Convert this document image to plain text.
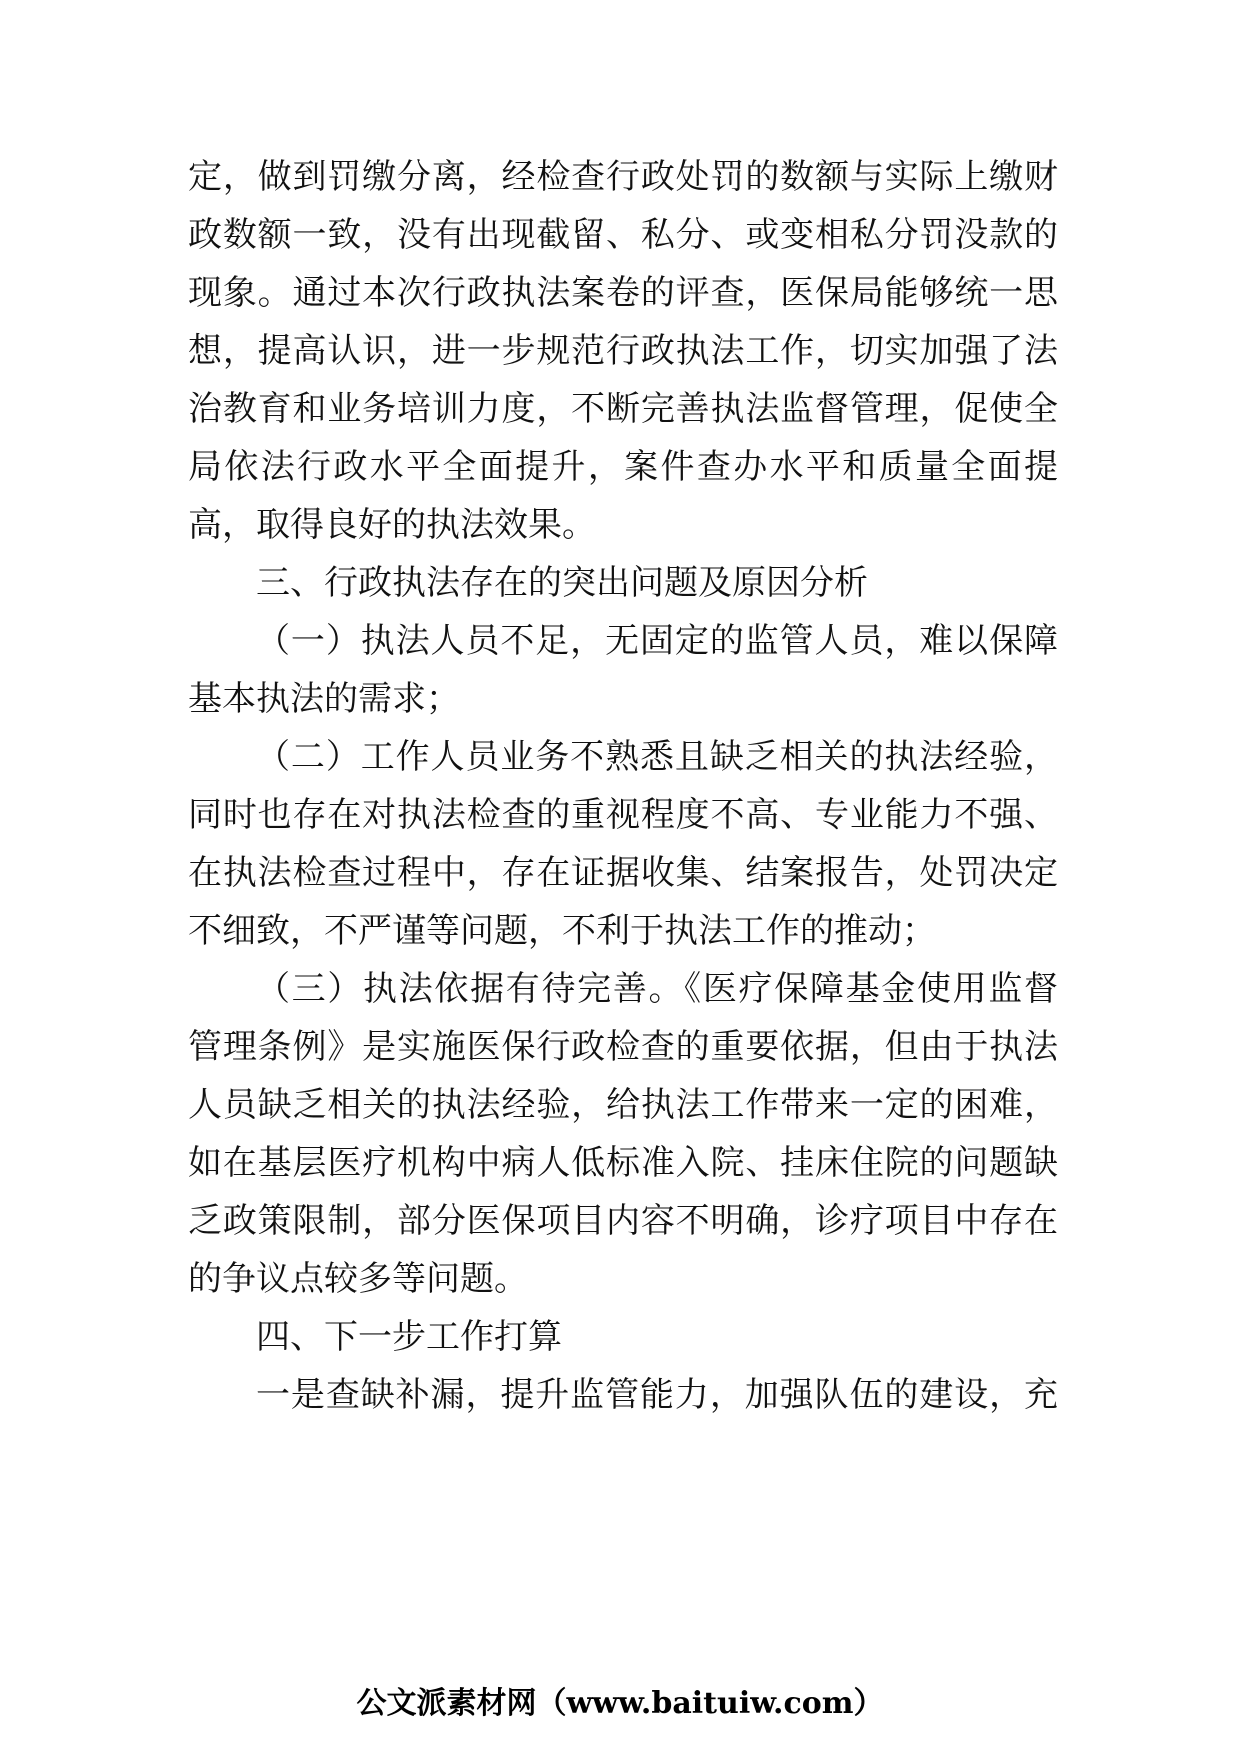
定，做到罚缴分离，经检查行政处罚的数额与实际上缴财
政数额一致，没有出现截留、私分、或变相私分罚没款的
现象。通过本次行政执法案卷的评查，医保局能够统一思
想，提高认识，进一步规范行政执法工作，切实加强了法
治教育和业务培训力度，不断完善执法监督管理，促使全
局依法行政水平全面提升，案件查办水平和质量全面提
高，取得良好的执法效果。
三、行政执法存在的突出问题及原因分析
（一）执法人员不足，无固定的监管人员，难以保障
基本执法的需求；
（二）工作人员业务不熟悉且缺乏相关的执法经验，
同时也存在对执法检查的重视程度不高、专业能力不强、
在执法检查过程中，存在证据收集、结案报告，处罚决定
不细致，不严谨等问题，不利于执法工作的推动；
（三）执法依据有待完善。《医疗保障基金使用监督
管理条例》是实施医保行政检查的重要依据，但由于执法
人员缺乏相关的执法经验，给执法工作带来一定的困难，
如在基层医疗机构中病人低标准入院、挂床住院的问题缺
乏政策限制，部分医保项目内容不明确，诊疗项目中存在
的争议点较多等问题。
四、下一步工作打算
一是查缺补漏，提升监管能力，加强队伍的建设，充
公文派素材网（www.baituiw.com）
